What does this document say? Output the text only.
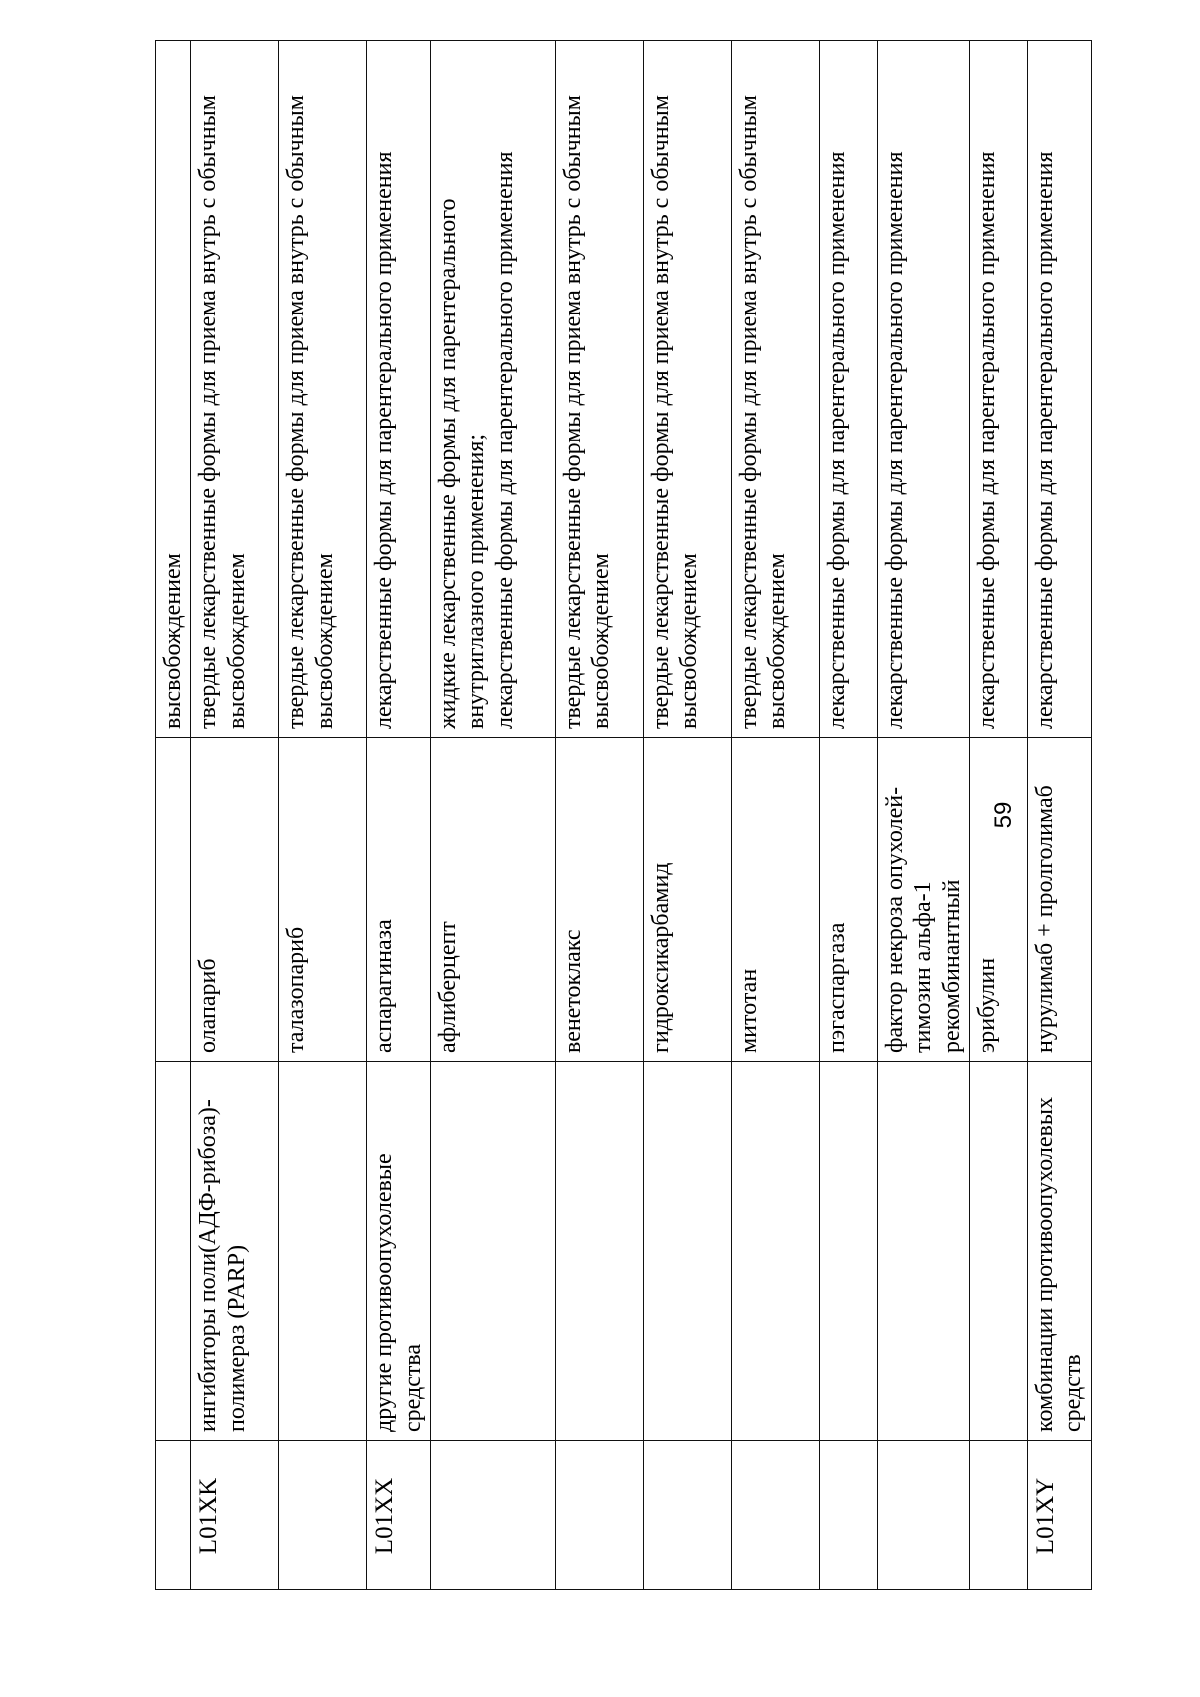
			высвобождением
L01XK	ингибиторы поли(АДФ-рибоза)-полимераз (PARP)	олапариб	твердые лекарственные формы для приема внутрь с обычным высвобождением
		талазопариб	твердые лекарственные формы для приема внутрь с обычным высвобождением
L01XX	другие противоопухолевые средства	аспарагиназа	лекарственные формы для парентерального применения
		афлиберцепт	жидкие лекарственные формы для парентерального внутриглазного применения;
лекарственные формы для парентерального применения
		венетоклакс	твердые лекарственные формы для приема внутрь с обычным высвобождением
		гидроксикарбамид	твердые лекарственные формы для приема внутрь с обычным высвобождением
		митотан	твердые лекарственные формы для приема внутрь с обычным высвобождением
		пэгаспаргаза	лекарственные формы для парентерального применения
		фактор некроза опухолей-тимозин альфа-1 рекомбинантный	лекарственные формы для парентерального применения
		эрибулин	лекарственные формы для парентерального применения
L01XY	комбинации противоопухолевых средств	нурулимаб + пролголимаб	лекарственные формы для парентерального применения
59
